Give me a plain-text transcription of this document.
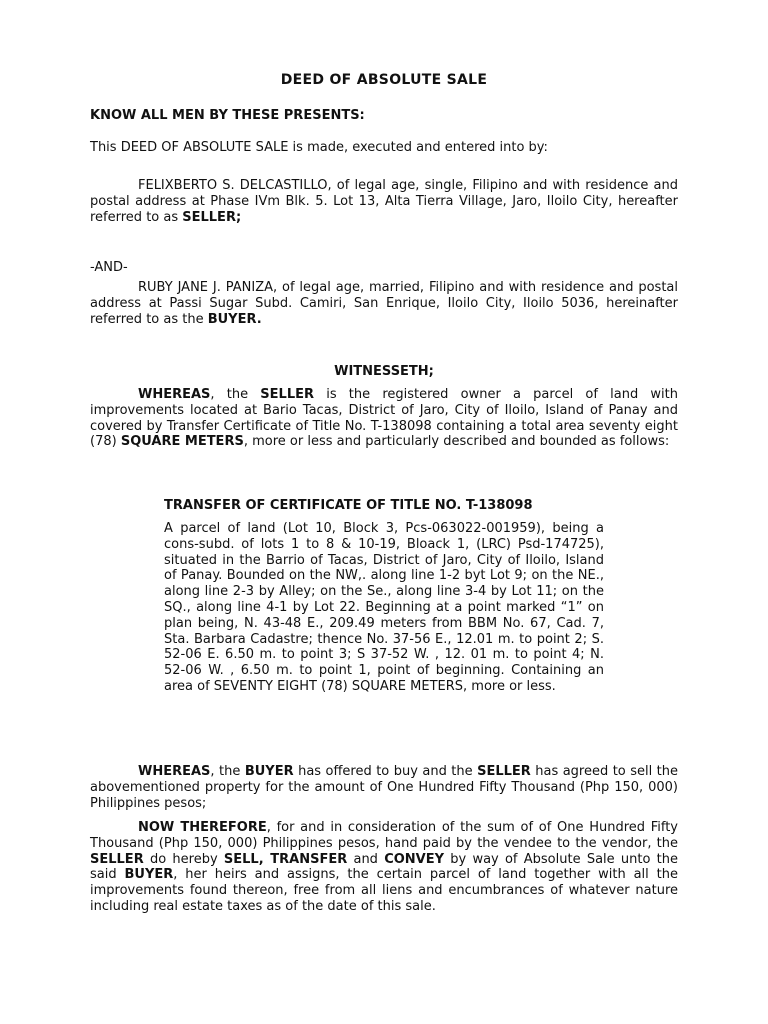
DEED OF ABSOLUTE SALE
KNOW ALL MEN BY THESE PRESENTS:
This DEED OF ABSOLUTE SALE is made, executed and entered into by:

FELIXBERTO S. DELCASTILLO, of legal age, single, Filipino and with residence and postal address at Phase IVm Blk. 5. Lot 13, Alta Tierra Village, Jaro, Iloilo City, hereafter referred to as SELLER;

-AND-

RUBY JANE J. PANIZA, of legal age, married, Filipino and with residence and postal address at Passi Sugar Subd. Camiri, San Enrique, Iloilo City, Iloilo 5036, hereinafter referred to as the BUYER.

WITNESSETH;

WHEREAS, the SELLER is the registered owner a parcel of land with improvements located at Bario Tacas, District of Jaro, City of Iloilo, Island of Panay and covered by Transfer Certificate of Title No. T-138098 containing a total area seventy eight (78) SQUARE METERS, more or less and particularly described and bounded as follows:

TRANSFER OF CERTIFICATE OF TITLE NO. T-138098

A parcel of land (Lot 10, Block 3, Pcs-063022-001959), being a cons-subd. of lots 1 to 8 & 10-19, Bloack 1, (LRC) Psd-174725), situated in the Barrio of Tacas, District of Jaro, City of Iloilo, Island of Panay. Bounded on the NW,. along line 1-2 byt Lot 9; on the NE., along line 2-3 by Alley; on the Se., along line 3-4 by Lot 11; on the SQ., along line 4-1 by Lot 22. Beginning at a point marked “1” on plan being, N. 43-48 E., 209.49 meters from BBM No. 67, Cad. 7, Sta. Barbara Cadastre; thence No. 37-56 E., 12.01 m. to point 2; S. 52-06 E. 6.50 m. to point 3; S 37-52 W. , 12. 01 m. to point 4; N. 52-06 W. , 6.50 m. to point 1, point of beginning. Containing an area of SEVENTY EIGHT (78) SQUARE METERS, more or less.

WHEREAS, the BUYER has offered to buy and the SELLER has agreed to sell the abovementioned property for the amount of One Hundred Fifty Thousand (Php 150, 000) Philippines pesos;

NOW THEREFORE, for and in consideration of the sum of of One Hundred Fifty Thousand (Php 150, 000) Philippines pesos, hand paid by the vendee to the vendor, the SELLER do hereby SELL, TRANSFER and CONVEY by way of Absolute Sale unto the said BUYER, her heirs and assigns, the certain parcel of land together with all the improvements found thereon, free from all liens and encumbrances of whatever nature including real estate taxes as of the date of this sale.
